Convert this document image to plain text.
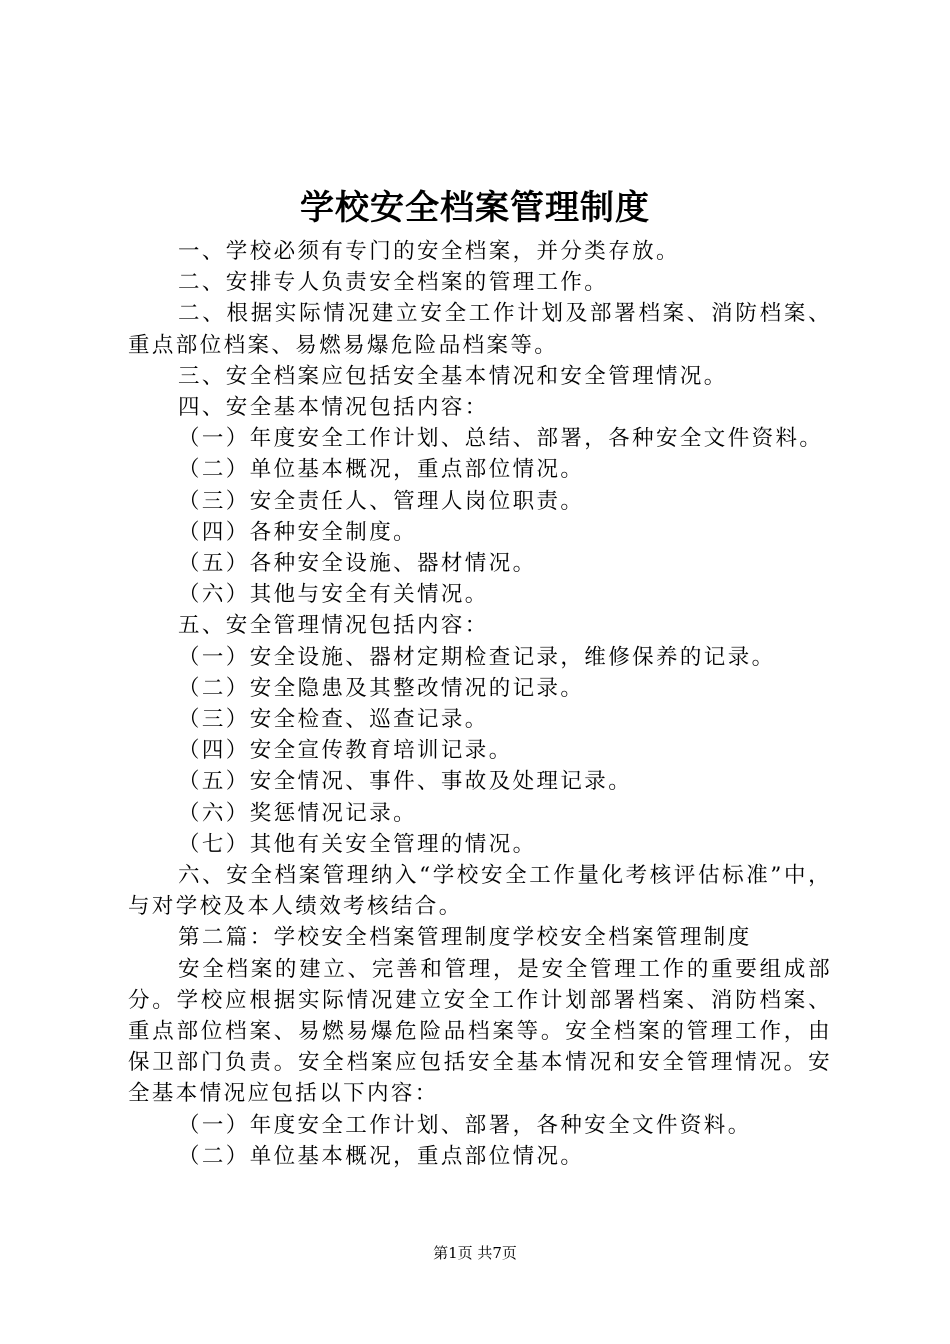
学校安全档案管理制度

一、学校必须有专门的安全档案，并分类存放。

二、安排专人负责安全档案的管理工作。

二、根据实际情况建立安全工作计划及部署档案、消防档案、重点部位档案、易燃易爆危险品档案等。

三、安全档案应包括安全基本情况和安全管理情况。

四、安全基本情况包括内容：

（一）年度安全工作计划、总结、部署，各种安全文件资料。

（二）单位基本概况，重点部位情况。

（三）安全责任人、管理人岗位职责。

（四）各种安全制度。

（五）各种安全设施、器材情况。

（六）其他与安全有关情况。

五、安全管理情况包括内容：

（一）安全设施、器材定期检查记录，维修保养的记录。

（二）安全隐患及其整改情况的记录。

（三）安全检查、巡查记录。

（四）安全宣传教育培训记录。

（五）安全情况、事件、事故及处理记录。

（六）奖惩情况记录。

（七）其他有关安全管理的情况。

六、安全档案管理纳入“学校安全工作量化考核评估标准”中，与对学校及本人绩效考核结合。

第二篇：学校安全档案管理制度学校安全档案管理制度

安全档案的建立、完善和管理，是安全管理工作的重要组成部分。学校应根据实际情况建立安全工作计划部署档案、消防档案、重点部位档案、易燃易爆危险品档案等。安全档案的管理工作，由保卫部门负责。安全档案应包括安全基本情况和安全管理情况。安全基本情况应包括以下内容：

（一）年度安全工作计划、部署，各种安全文件资料。

（二）单位基本概况，重点部位情况。

第1页 共7页
